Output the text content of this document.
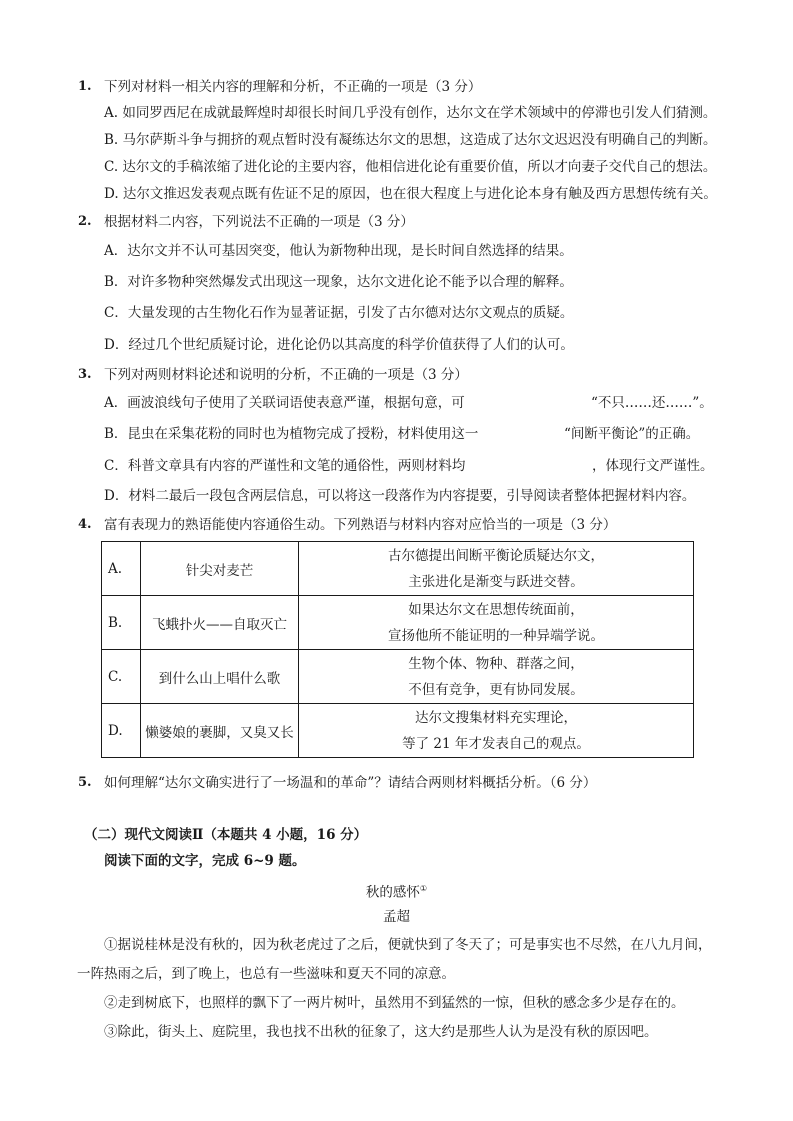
1. 下列对材料一相关内容的理解和分析，不正确的一项是（3 分）
A. 如同罗西尼在成就最辉煌时却很长时间几乎没有创作，达尔文在学术领域中的停滞也引发人们猜测。
B. 马尔萨斯斗争与拥挤的观点暂时没有凝练达尔文的思想，这造成了达尔文迟迟没有明确自己的判断。
C. 达尔文的手稿浓缩了进化论的主要内容，他相信进化论有重要价值，所以才向妻子交代自己的想法。
D. 达尔文推迟发表观点既有佐证不足的原因，也在很大程度上与进化论本身有触及西方思想传统有关。
2. 根据材料二内容，下列说法不正确的一项是（3 分）
A．达尔文并不认可基因突变，他认为新物种出现，是长时间自然选择的结果。
B．对许多物种突然爆发式出现这一现象，达尔文进化论不能予以合理的解释。
C．大量发现的古生物化石作为显著证据，引发了古尔德对达尔文观点的质疑。
D．经过几个世纪质疑讨论，进化论仍以其高度的科学价值获得了人们的认可。
3. 下列对两则材料论述和说明的分析，不正确的一项是（3 分）
A．画波浪线句子使用了关联词语使表意严谨，根据句意，可	“不只……还……”。
B．昆虫在采集花粉的同时也为植物完成了授粉，材料使用这一	“间断平衡论”的正确。
C．科普文章具有内容的严谨性和文笔的通俗性，两则材料均	，体现行文严谨性。
D．材料二最后一段包含两层信息，可以将这一段落作为内容提要，引导阅读者整体把握材料内容。
4. 富有表现力的熟语能使内容通俗生动。下列熟语与材料内容对应恰当的一项是（3 分）
A.	针尖对麦芒	古尔德提出间断平衡论质疑达尔文，
主张进化是渐变与跃进交替。

B.	飞蛾扑火——自取灭亡	如果达尔文在思想传统面前，
宣扬他所不能证明的一种异端学说。

C.	到什么山上唱什么歌	生物个体、物种、群落之间，
不但有竞争，更有协同发展。

D.	懒婆娘的裹脚，又臭又长	达尔文搜集材料充实理论，
等了 21 年才发表自己的观点。
5. 如何理解“达尔文确实进行了一场温和的革命”？请结合两则材料概括分析。（6 分）
（二）现代文阅读Ⅱ（本题共 4 小题，16 分）
阅读下面的文字，完成 6~9 题。
秋的感怀①
孟超
①据说桂林是没有秋的，因为秋老虎过了之后，便就快到了冬天了；可是事实也不尽然，在八九月间，
一阵热雨之后，到了晚上，也总有一些滋味和夏天不同的凉意。
②走到树底下，也照样的飘下了一两片树叶，虽然用不到猛然的一惊，但秋的感念多少是存在的。
③除此，街头上、庭院里，我也找不出秋的征象了，这大约是那些人认为是没有秋的原因吧。
